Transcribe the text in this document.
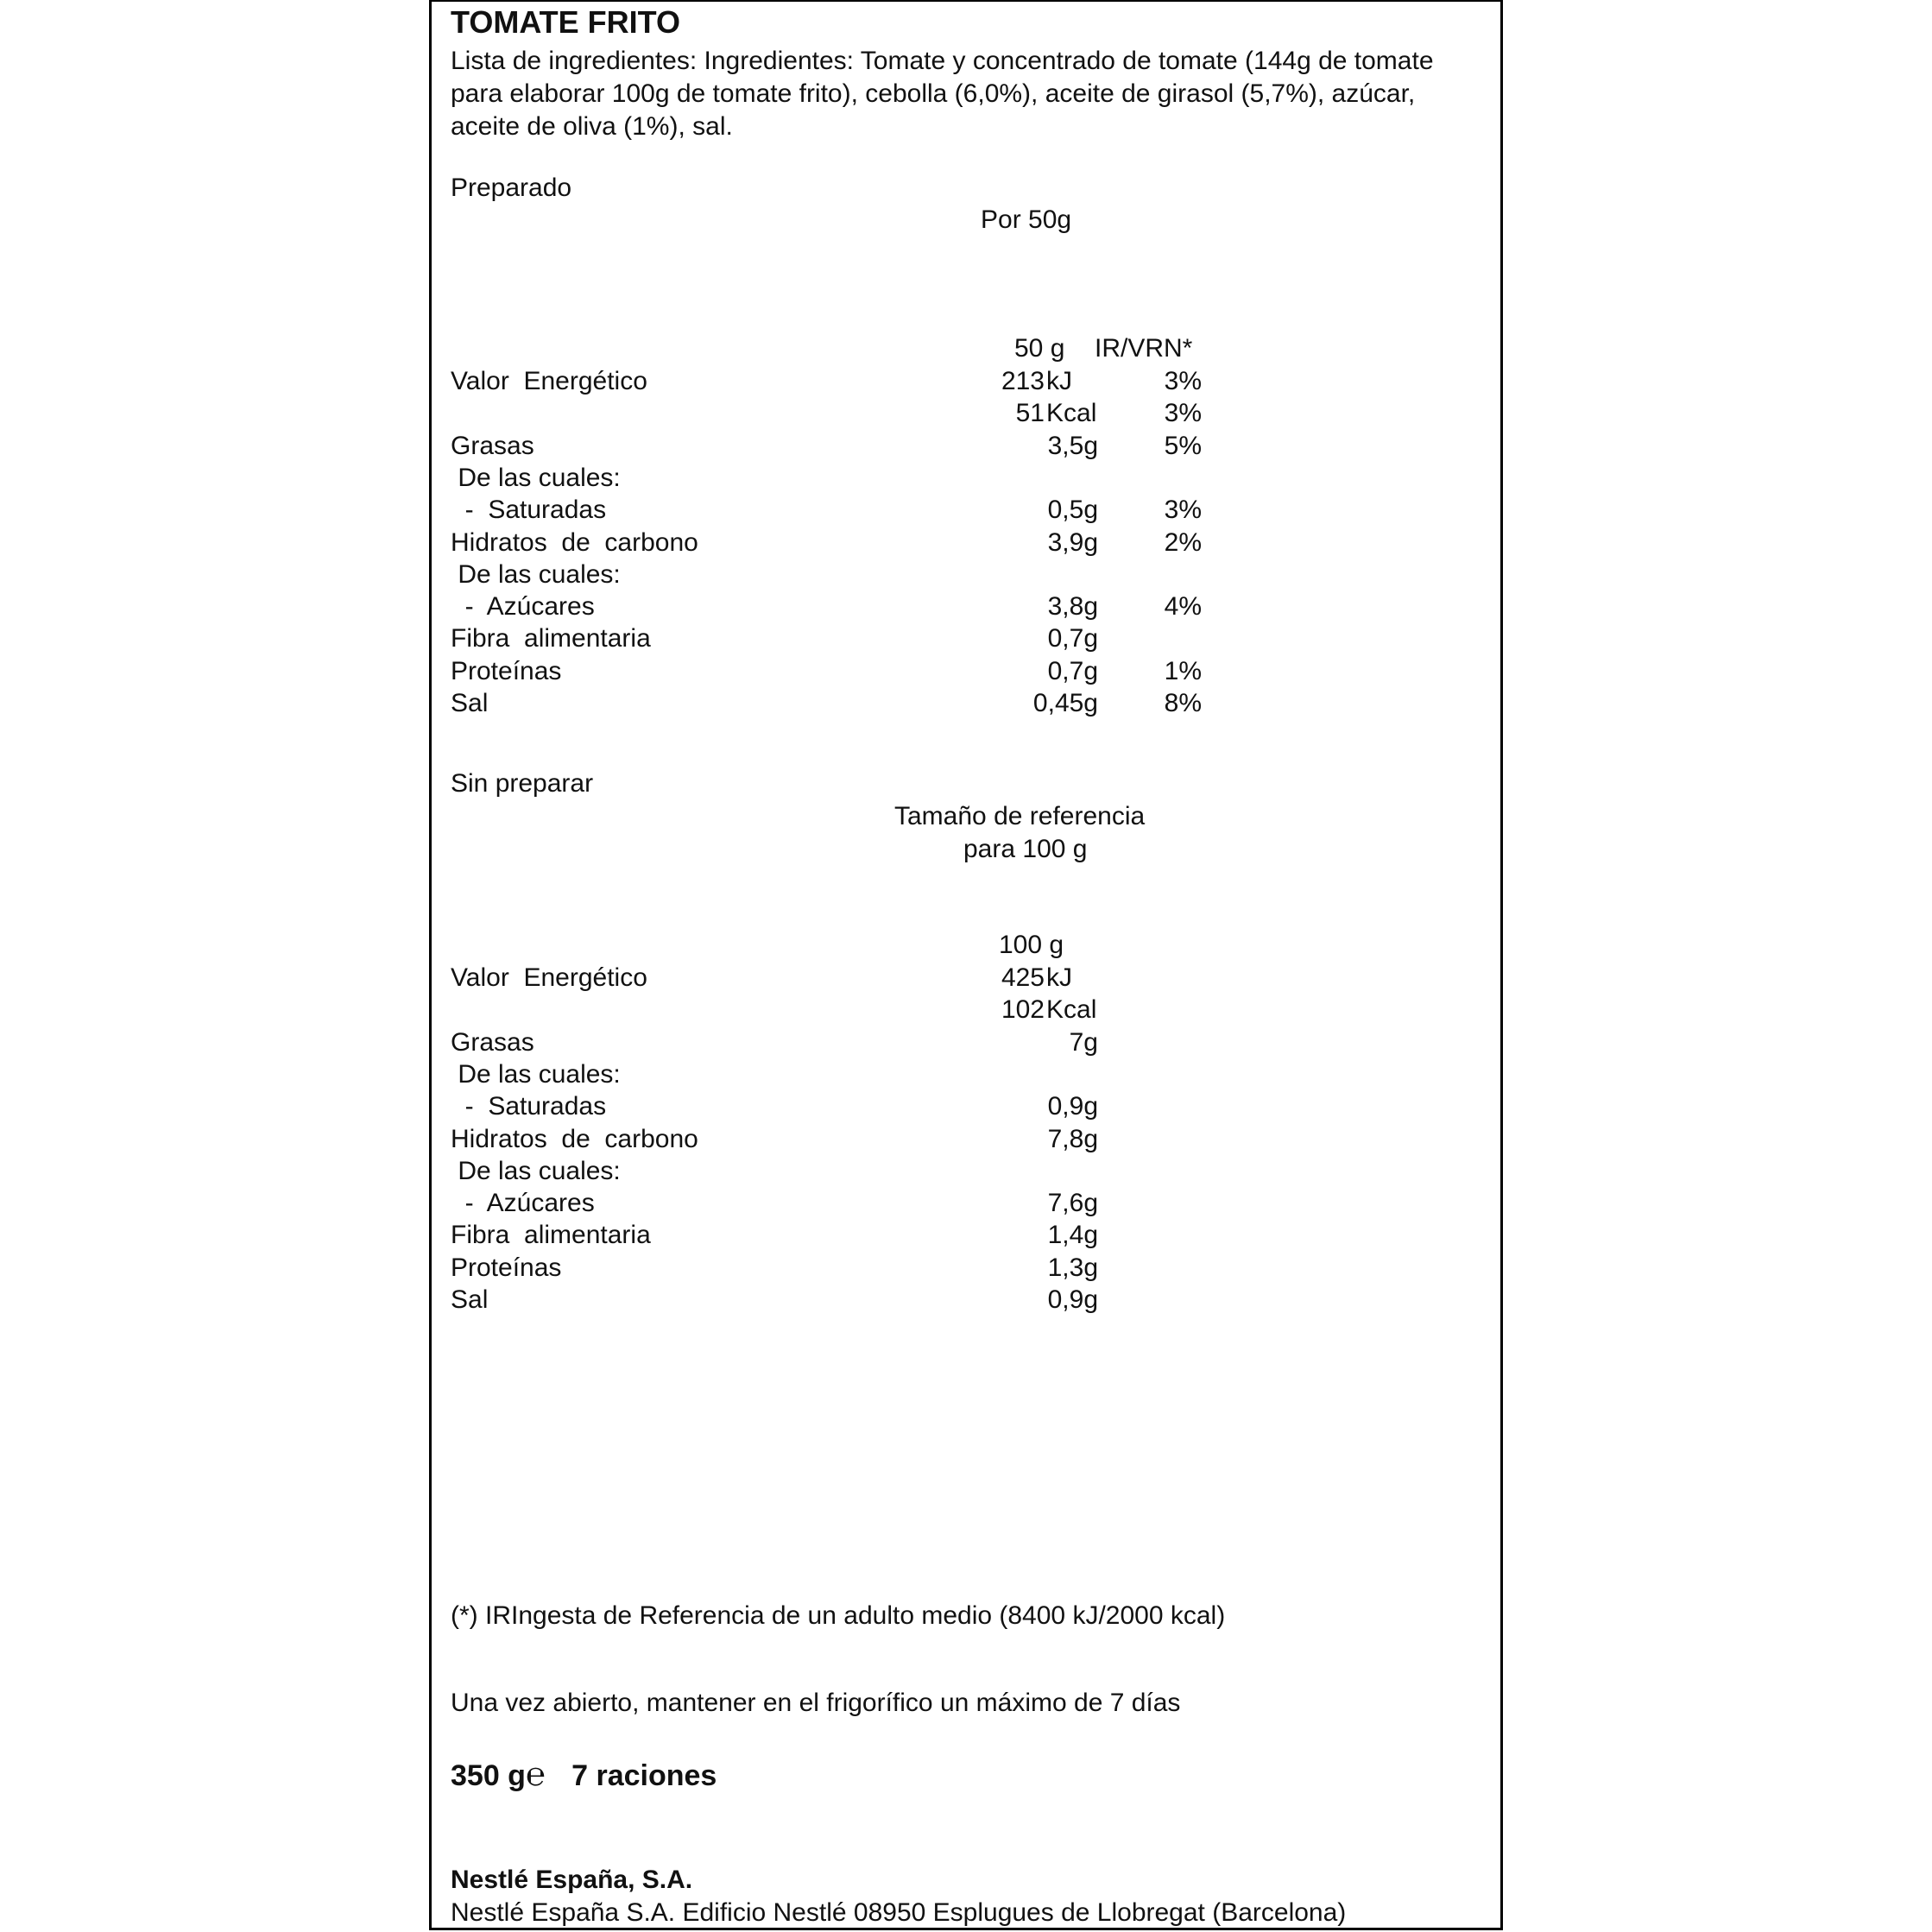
TOMATE FRITO
Lista de ingredientes: Ingredientes: Tomate y concentrado de tomate (144g de tomate para elaborar 100g de tomate frito), cebolla (6,0%), aceite de girasol (5,7%), azúcar, aceite de oliva (1%), sal.
Preparado
Por 50g
50 g IR/VRN*
Valor  Energético	213 kJ	3%
51 Kcal	3%
Grasas	3,5g	5%
De las cuales:
-  Saturadas	0,5g	3%
Hidratos  de  carbono	3,9g	2%
De las cuales:
-  Azúcares	3,8g	4%
Fibra  alimentaria	0,7g
Proteínas	0,7g	1%
Sal	0,45g	8%
Sin preparar
Tamaño de referencia
para 100 g
100 g
Valor  Energético	425 kJ
102 Kcal
Grasas	7g
De las cuales:
-  Saturadas	0,9g
Hidratos  de  carbono	7,8g
De las cuales:
-  Azúcares	7,6g
Fibra  alimentaria	1,4g
Proteínas	1,3g
Sal	0,9g
(*) IRIngesta de Referencia de un adulto medio (8400 kJ/2000 kcal)
Una vez abierto, mantener en el frigorífico un máximo de 7 días
350 g℮ 7 raciones
Nestlé España, S.A.
Nestlé España S.A. Edificio Nestlé 08950 Esplugues de Llobregat (Barcelona)
